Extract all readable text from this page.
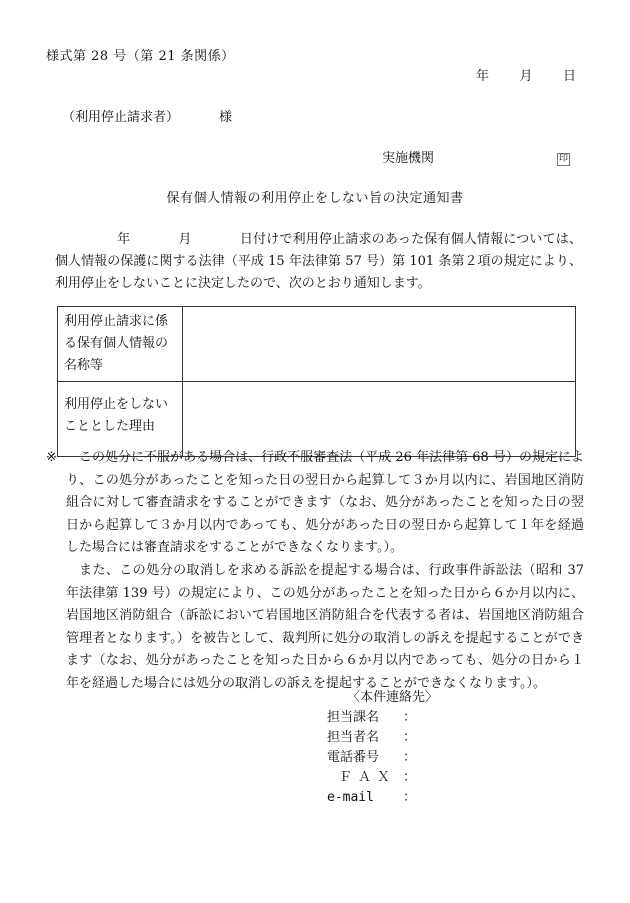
様式第 28 号（第 21 条関係）
年 月 日
（利用停止請求者）	様
実施機関	印
保有個人情報の利用停止をしない旨の決定通知書
年	月	日付けで利用停止請求のあった保有個人情報については、個人情報の保護に関する法律（平成 15 年法律第 57 号）第 101 条第２項の規定により、利用停止をしないことに決定したので、次のとおり通知します。
利用停止請求に係る保有個人情報の名称等	
利用停止をしないこととした理由	
※	この処分に不服がある場合は、行政不服審査法（平成 26 年法律第 68 号）の規定により、この処分があったことを知った日の翌日から起算して３か月以内に、岩国地区消防組合に対して審査請求をすることができます（なお、処分があったことを知った日の翌日から起算して３か月以内であっても、処分があった日の翌日から起算して１年を経過した場合には審査請求をすることができなくなります。）。

また、この処分の取消しを求める訴訟を提起する場合は、行政事件訴訟法（昭和 37 年法律第 139 号）の規定により、この処分があったことを知った日から６か月以内に、岩国地区消防組合（訴訟において岩国地区消防組合を代表する者は、岩国地区消防組合管理者となります。）を被告として、裁判所に処分の取消しの訴えを提起することができます（なお、処分があったことを知った日から６か月以内であっても、処分の日から１年を経過した場合には処分の取消しの訴えを提起することができなくなります。）。

〈本件連絡先〉
担当課名	：
担当者名	：
電話番号	：
ＦＡＸ ：
e-mail	：
